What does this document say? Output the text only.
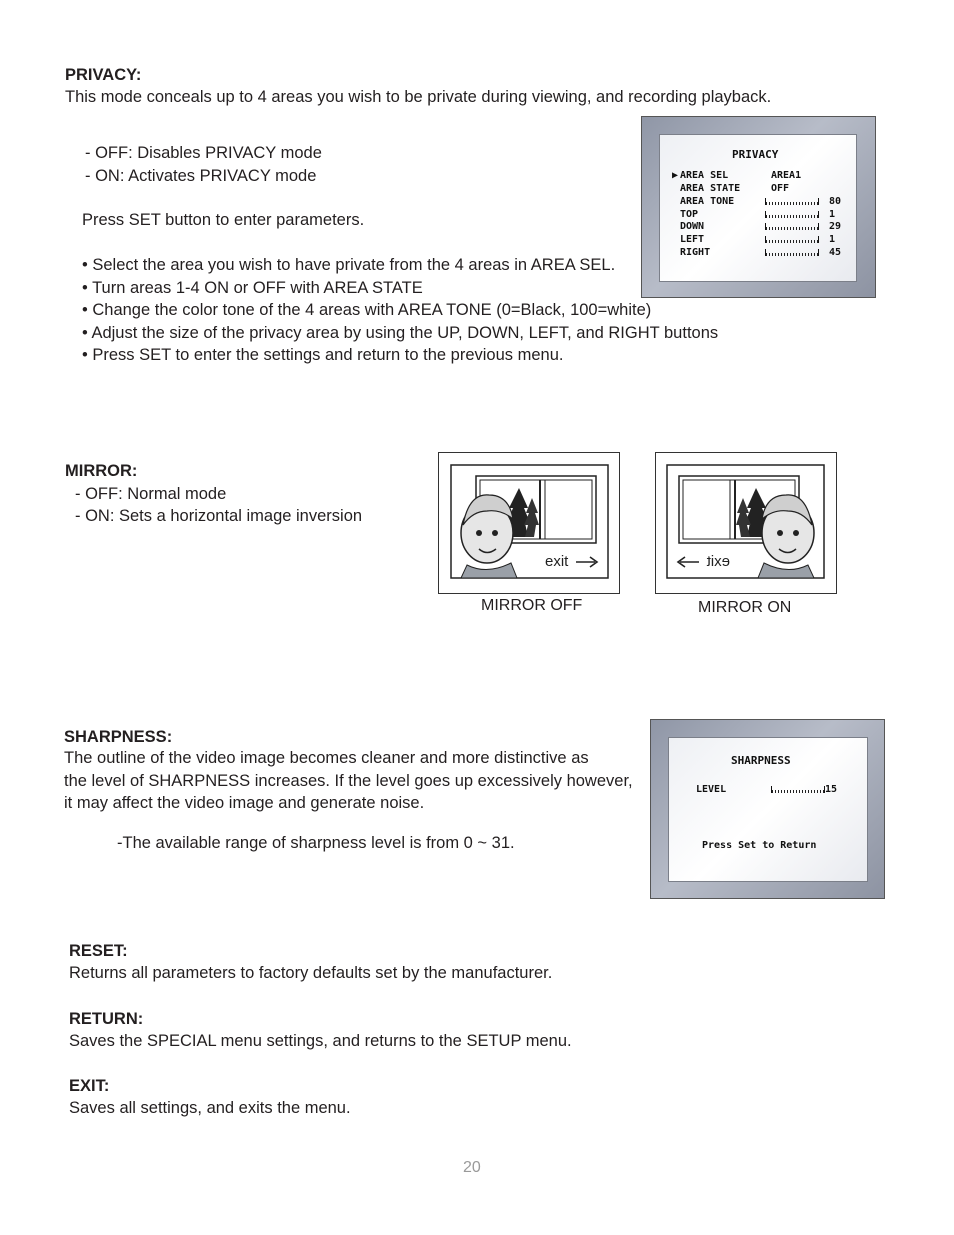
PRIVACY:
This mode conceals up to 4 areas you wish to be private during viewing, and recording playback.
- OFF: Disables PRIVACY mode
- ON: Activates PRIVACY mode
Press SET button to enter parameters.
• Select the area you wish to have private from the 4 areas in AREA SEL.
• Turn areas 1-4 ON or OFF with AREA STATE
• Change the color tone of the 4 areas with AREA TONE (0=Black, 100=white)
• Adjust the size of the privacy area by using the UP, DOWN, LEFT, and RIGHT buttons
• Press SET to enter the settings and return to the previous menu.
PRIVACY
▶ AREA SEL	AREA1
AREA STATE	OFF
AREA TONE	80
TOP	1
DOWN	29
LEFT	1
RIGHT	45
MIRROR:
- OFF: Normal mode
- ON: Sets a horizontal image inversion
exit
MIRROR OFF
exit
MIRROR ON
SHARPNESS:
The outline of the video image becomes cleaner and more distinctive as
the level of SHARPNESS increases. If the level goes up excessively however,
it may affect the video image and generate noise.
-The available range of sharpness level is from 0 ~ 31.
SHARPNESS
LEVEL	15
Press Set to Return
RESET:
Returns all parameters to factory defaults set by the manufacturer.
RETURN:
Saves the SPECIAL menu settings, and returns to the SETUP menu.
EXIT:
Saves all settings, and exits the menu.
20
